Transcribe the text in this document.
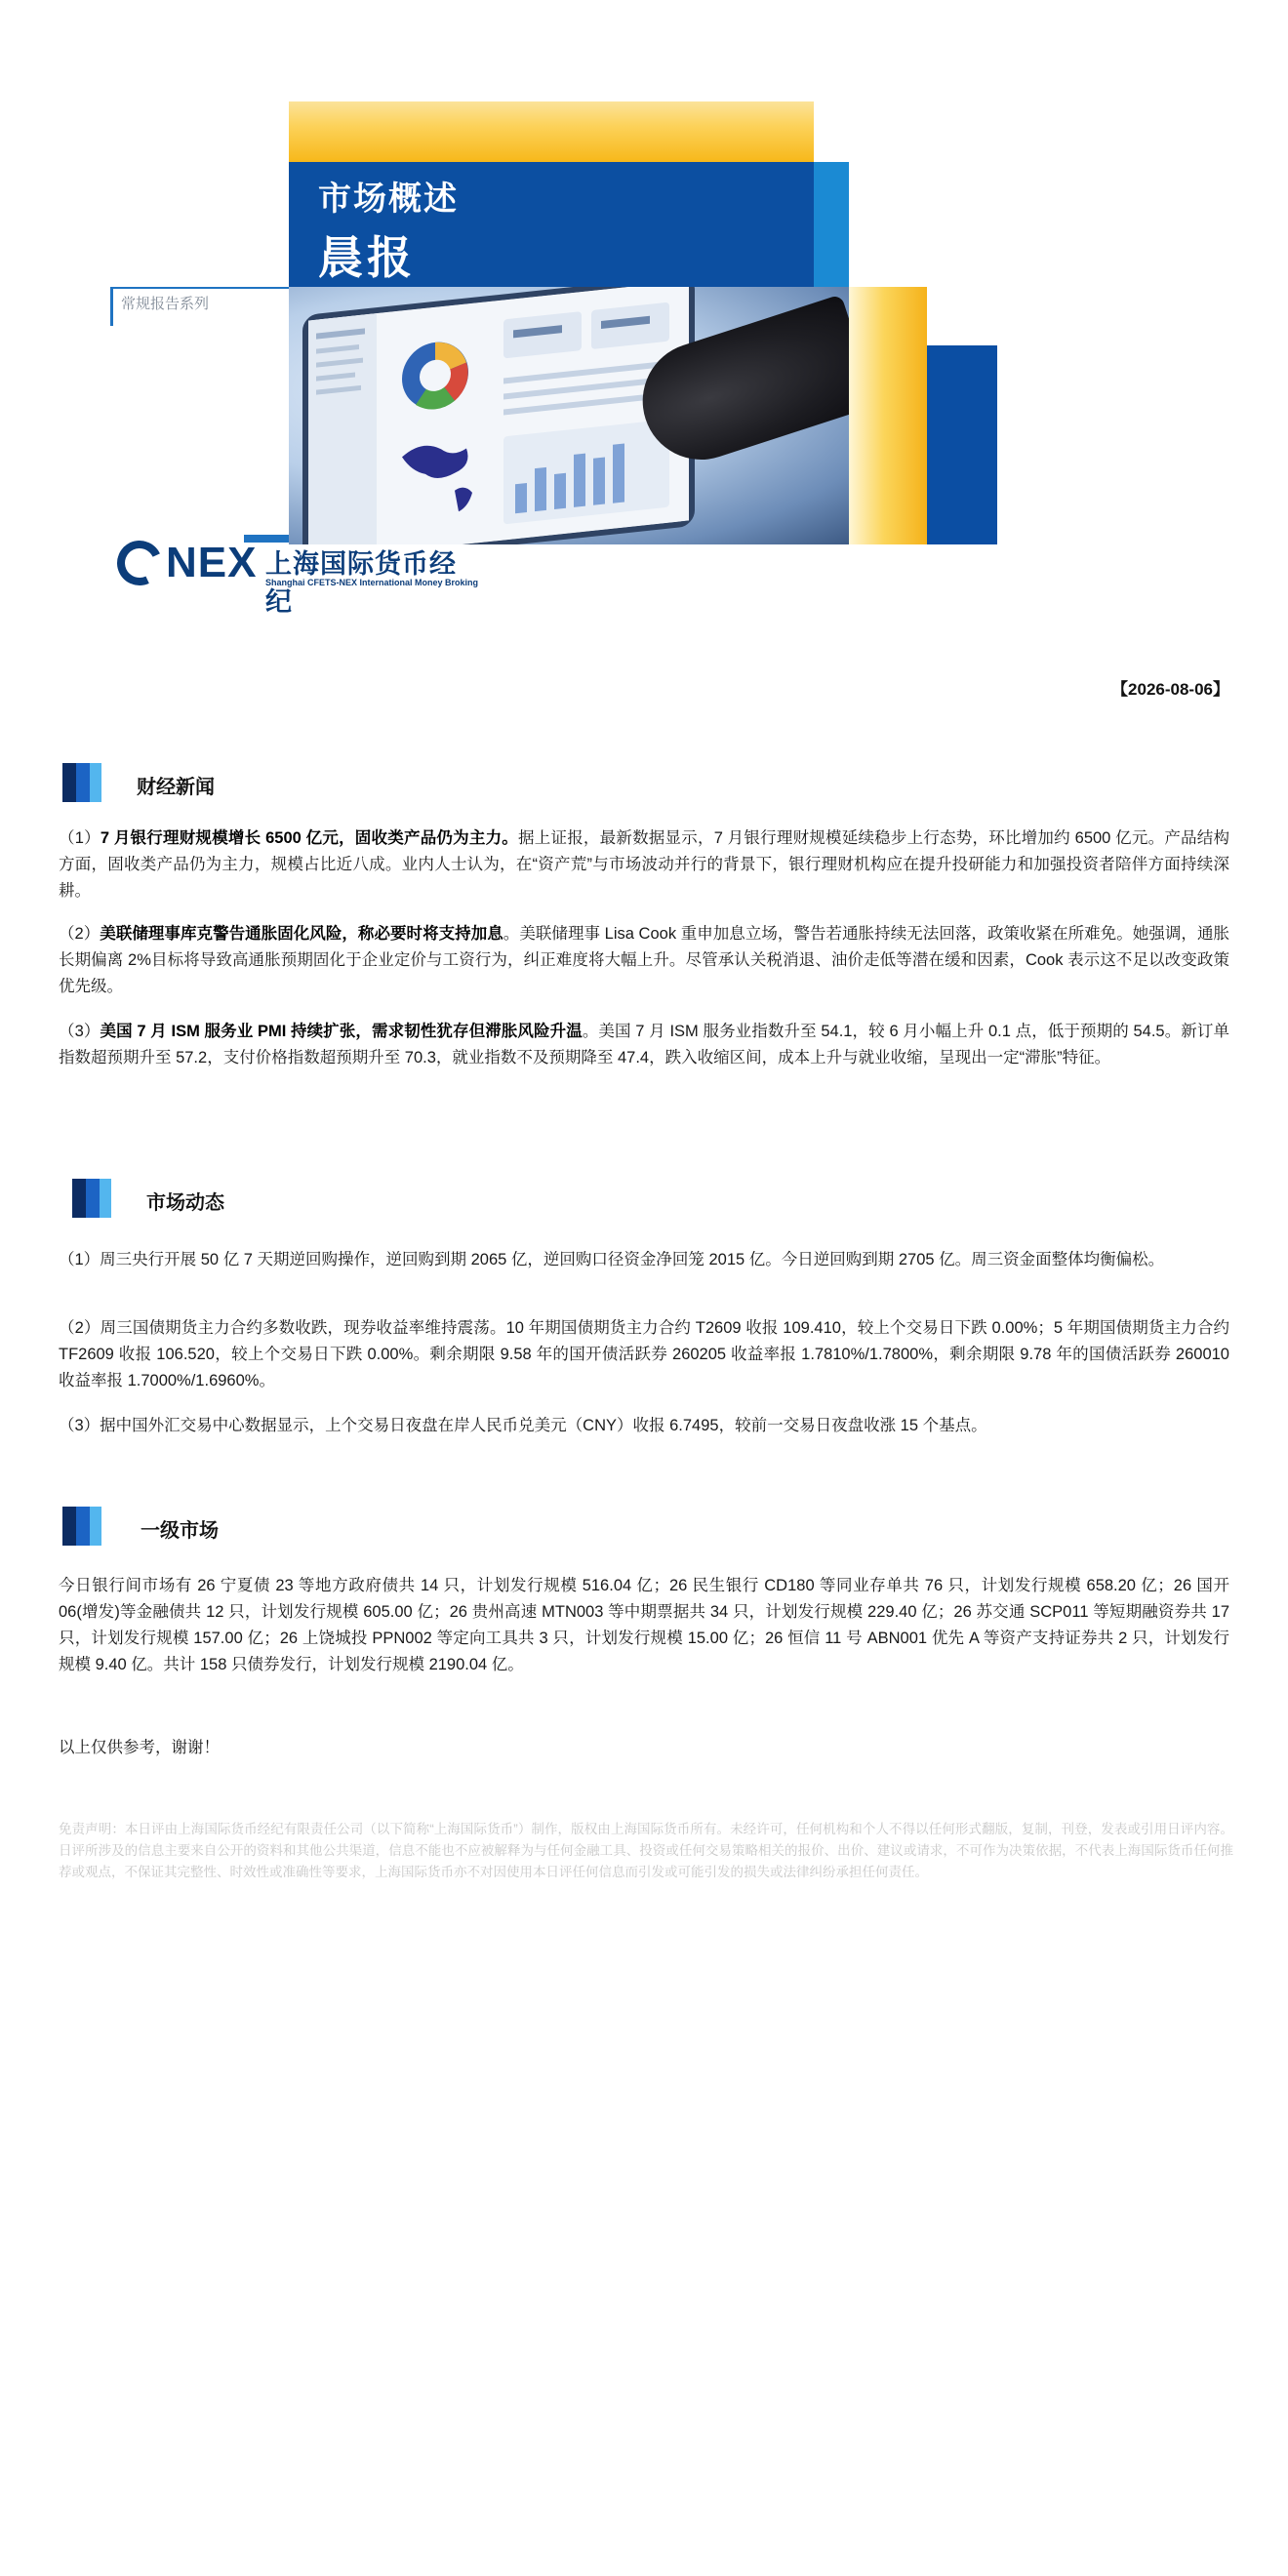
市场概述
晨报
常规报告系列
NEX 上海国际货币经纪
Shanghai CFETS-NEX International Money Broking
【2026-08-06】
财经新闻
（1）7 月银行理财规模增长 6500 亿元，固收类产品仍为主力。据上证报，最新数据显示，7 月银行理财规模延续稳步上行态势，环比增加约 6500 亿元。产品结构方面，固收类产品仍为主力，规模占比近八成。业内人士认为，在“资产荒”与市场波动并行的背景下，银行理财机构应在提升投研能力和加强投资者陪伴方面持续深耕。
（2）美联储理事库克警告通胀固化风险，称必要时将支持加息。美联储理事 Lisa Cook 重申加息立场，警告若通胀持续无法回落，政策收紧在所难免。她强调，通胀长期偏离 2%目标将导致高通胀预期固化于企业定价与工资行为，纠正难度将大幅上升。尽管承认关税消退、油价走低等潜在缓和因素，Cook 表示这不足以改变政策优先级。
（3）美国 7 月 ISM 服务业 PMI 持续扩张，需求韧性犹存但滞胀风险升温。美国 7 月 ISM 服务业指数升至 54.1，较 6 月小幅上升 0.1 点，低于预期的 54.5。新订单指数超预期升至 57.2，支付价格指数超预期升至 70.3，就业指数不及预期降至 47.4，跌入收缩区间，成本上升与就业收缩，呈现出一定“滞胀”特征。
市场动态
（1）周三央行开展 50 亿 7 天期逆回购操作，逆回购到期 2065 亿，逆回购口径资金净回笼 2015 亿。今日逆回购到期 2705 亿。周三资金面整体均衡偏松。
（2）周三国债期货主力合约多数收跌，现券收益率维持震荡。10 年期国债期货主力合约 T2609 收报 109.410，较上个交易日下跌 0.00%；5 年期国债期货主力合约 TF2609 收报 106.520，较上个交易日下跌 0.00%。剩余期限 9.58 年的国开债活跃券 260205 收益率报 1.7810%/1.7800%，剩余期限 9.78 年的国债活跃券 260010 收益率报 1.7000%/1.6960%。
（3）据中国外汇交易中心数据显示，上个交易日夜盘在岸人民币兑美元（CNY）收报 6.7495，较前一交易日夜盘收涨 15 个基点。
一级市场
今日银行间市场有 26 宁夏债 23 等地方政府债共 14 只，计划发行规模 516.04 亿；26 民生银行 CD180 等同业存单共 76 只，计划发行规模 658.20 亿；26 国开 06(增发)等金融债共 12 只，计划发行规模 605.00 亿；26 贵州高速 MTN003 等中期票据共 34 只，计划发行规模 229.40 亿；26 苏交通 SCP011 等短期融资券共 17 只，计划发行规模 157.00 亿；26 上饶城投 PPN002 等定向工具共 3 只，计划发行规模 15.00 亿；26 恒信 11 号 ABN001 优先 A 等资产支持证券共 2 只，计划发行规模 9.40 亿。共计 158 只债券发行，计划发行规模 2190.04 亿。
以上仅供参考，谢谢！
免责声明：本日评由上海国际货币经纪有限责任公司（以下简称“上海国际货币”）制作，版权由上海国际货币所有。未经许可，任何机构和个人不得以任何形式翻版，复制，刊登，发表或引用日评内容。日评所涉及的信息主要来自公开的资料和其他公共渠道，信息不能也不应被解释为与任何金融工具、投资或任何交易策略相关的报价、出价、建议或请求，不可作为决策依据，不代表上海国际货币任何推荐或观点，不保证其完整性、时效性或准确性等要求，上海国际货币亦不对因使用本日评任何信息而引发或可能引发的损失或法律纠纷承担任何责任。
